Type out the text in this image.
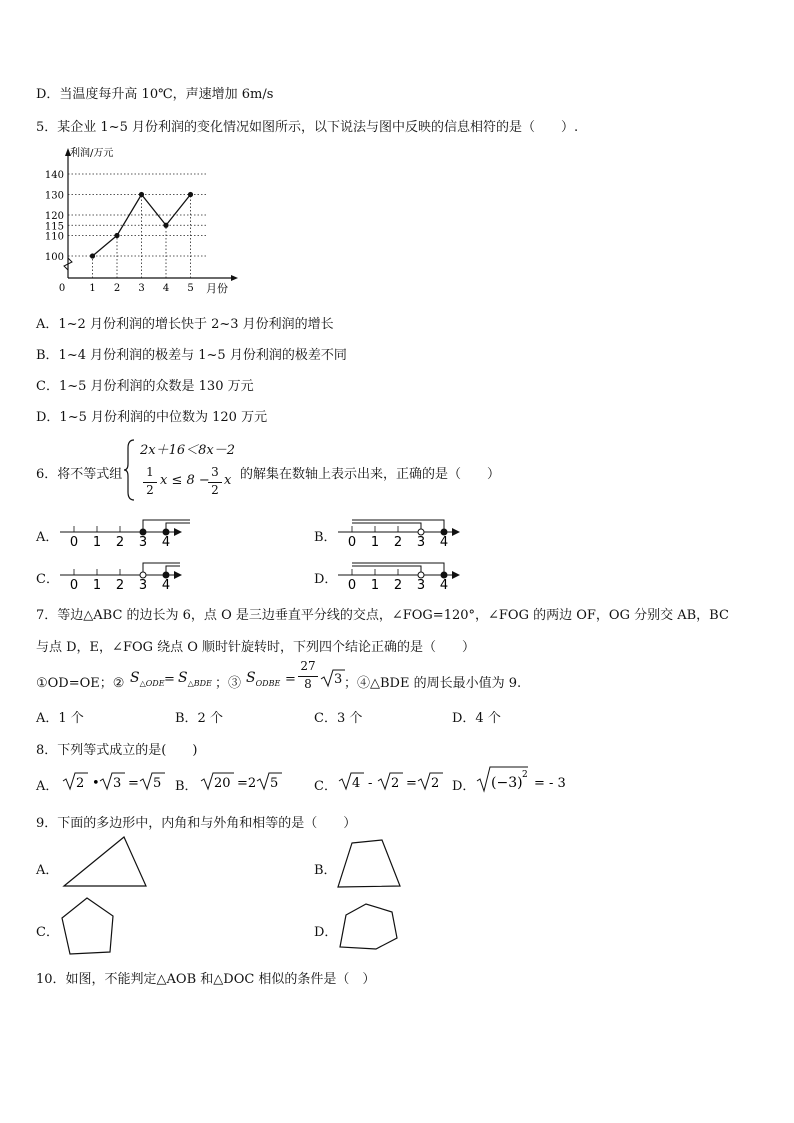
D．当温度每升高 10℃，声速增加 6m/s
5．某企业 1~5 月份利润的变化情况如图所示，以下说法与图中反映的信息相符的是（　　）.
100
110
115
120
130
140
0 1 2 3 4 5
利润/万元
月份
A．1~2 月份利润的增长快于 2~3 月份利润的增长
B．1~4 月份利润的极差与 1~5 月份利润的极差不同
C．1~5 月份利润的众数是 130 万元
D．1~5 月份利润的中位数为 120 万元
6．将不等式组
2x＋16＜8x－2
1
2
x ≤ 8 −
3
2
x 的解集在数轴上表示出来，正确的是（　　）
A． 0 1 2 3 4	B． 0 1 2 3 4
C． 0 1 2 3 4	D． 0 1 2 3 4
7．等边△ABC 的边长为 6，点 O 是三边垂直平分线的交点，∠FOG=120°，∠FOG 的两边 OF，OG 分别交 AB，BC
与点 D，E，∠FOG 绕点 O 顺时针旋转时，下列四个结论正确的是（　　）
①OD=OE；② $S_{\triangle ODE} = S_{\triangle BDE}$ ；③ $S_{ODBE}$ =
27
8	3 ；④△BDE 的周长最小值为 9.
A．1 个	B．2 个	C．3 个	D．4 个
8．下列等式成立的是(　　)
A． 2 • 3 = 5 B． 20 =2 5	C． 4 - 2 = 2 D． (−3) 2
= - 3
9．下面的多边形中，内角和与外角和相等的是（　　）
A．	B．
C．	D．
10．如图，不能判定△AOB 和△DOC 相似的条件是（　）
